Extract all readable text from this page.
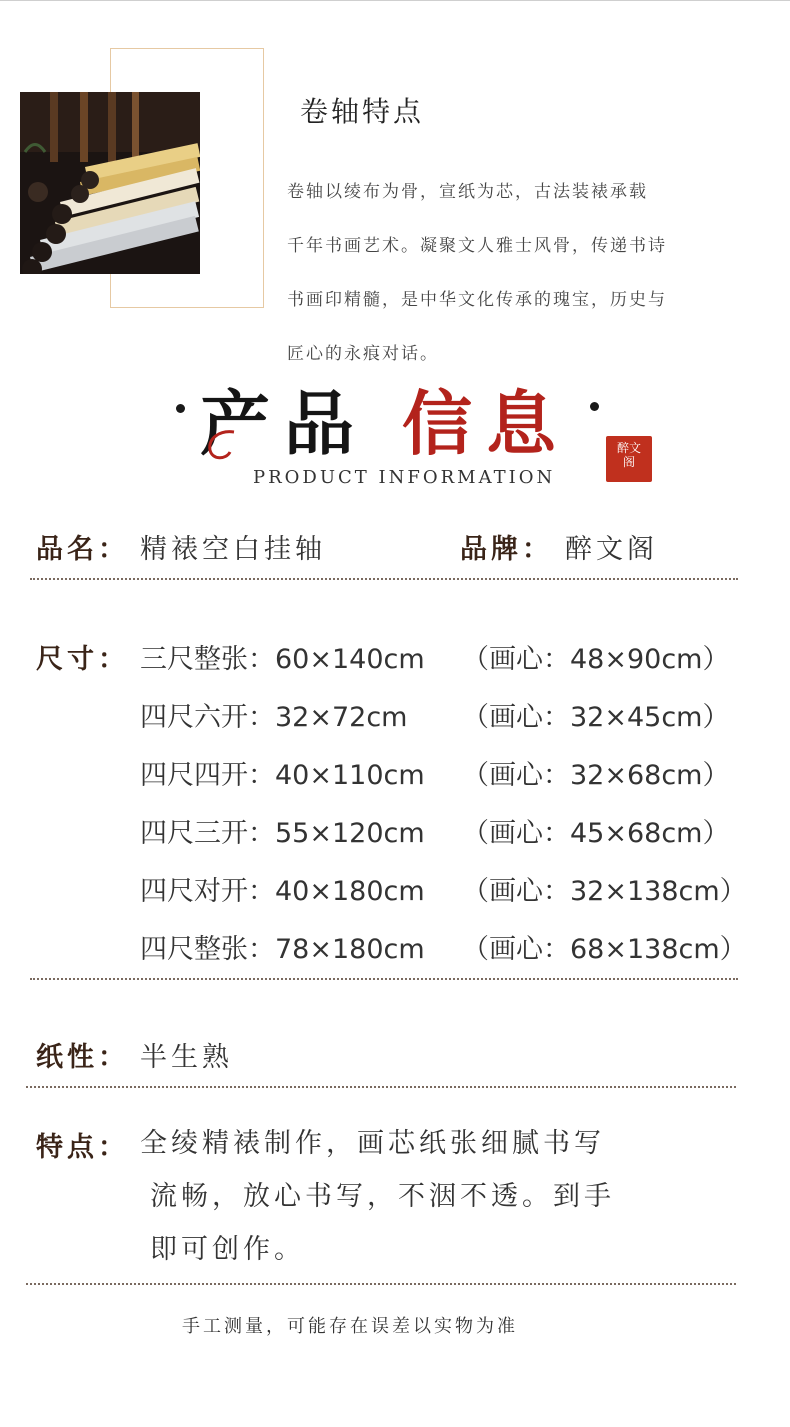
卷轴特点

卷轴以绫布为骨，宣纸为芯，古法装裱承载

千年书画艺术。凝聚文人雅士风骨，传递书诗

书画印精髓，是中华文化传承的瑰宝，历史与

匠心的永痕对话。

产品 信息
PRODUCT INFORMATION
醉文
阁
品名： 精裱空白挂轴	品牌： 醉文阁
尺寸： 三尺整张：60×140cm （画心：48×90cm）
四尺六开：32×72cm （画心：32×45cm）
四尺四开：40×110cm （画心：32×68cm）
四尺三开：55×120cm （画心：45×68cm）
四尺对开：40×180cm （画心：32×138cm）
四尺整张：78×180cm （画心：68×138cm）
纸性： 半生熟
特点： 全绫精裱制作，画芯纸张细腻书写
流畅，放心书写，不洇不透。到手
即可创作。
手工测量，可能存在误差以实物为准
